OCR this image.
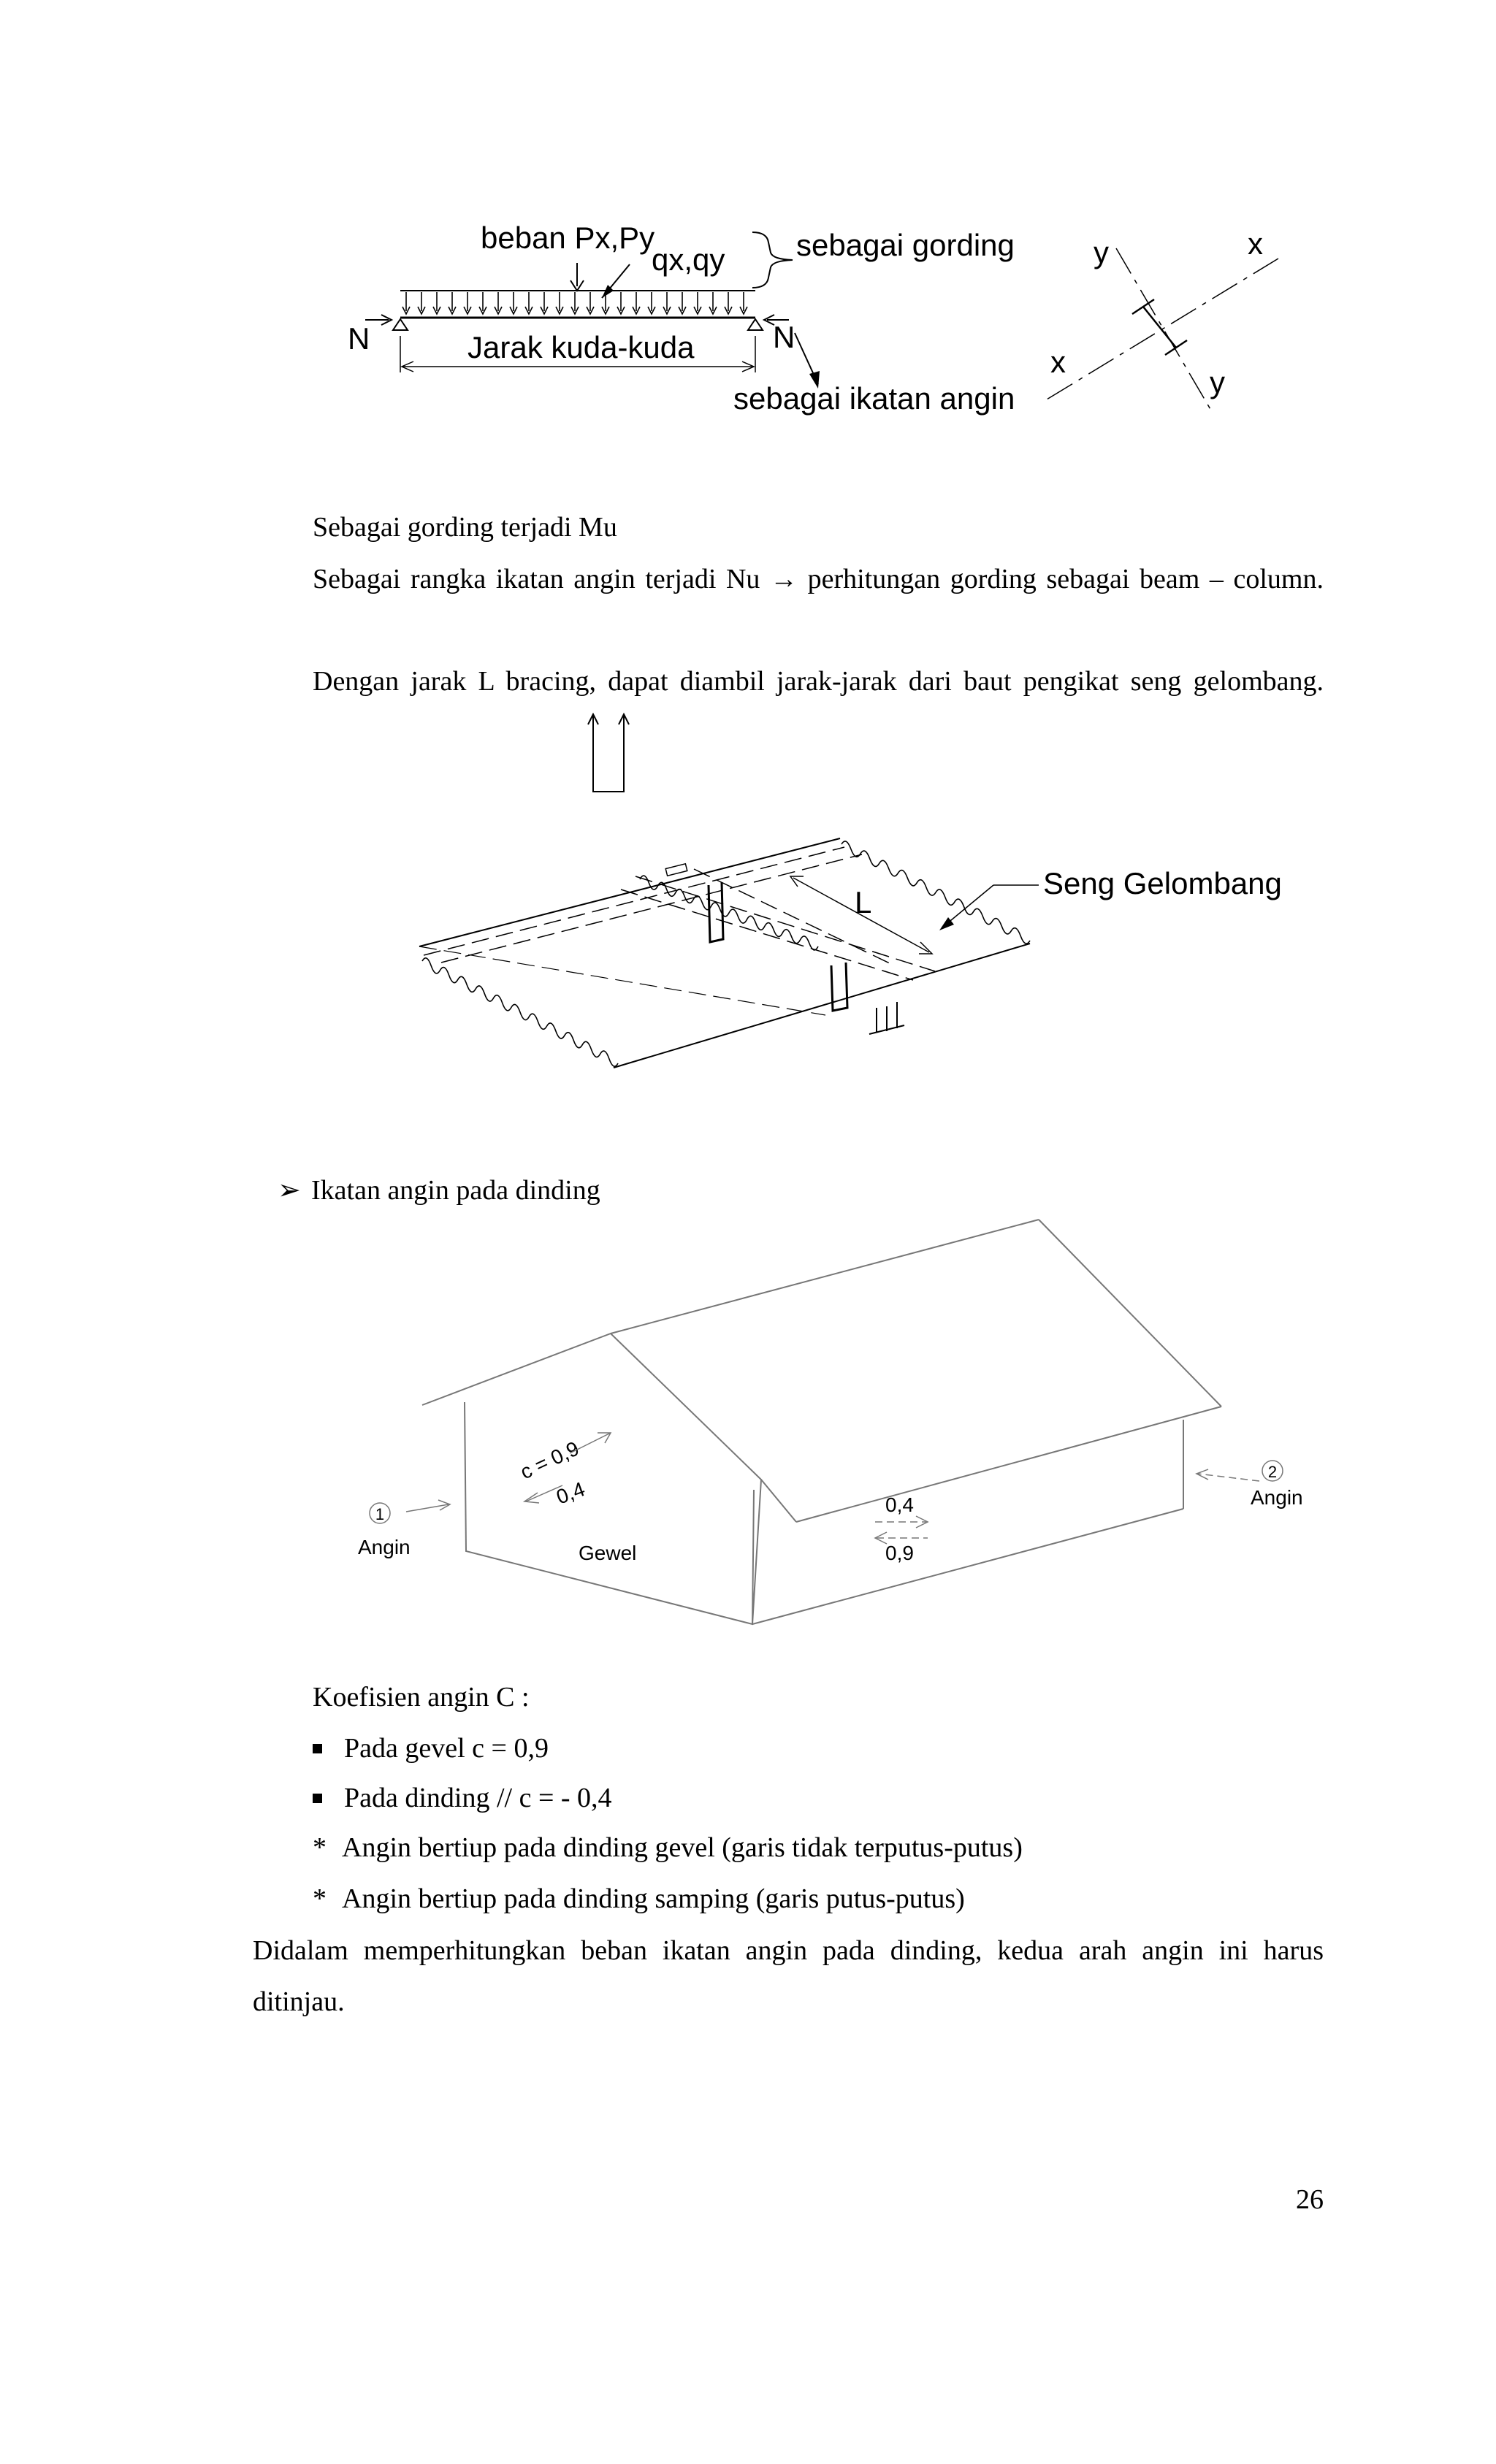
beban Px,Py
qx,qy sebagai gording
N	N
Jarak kuda-kuda
sebagai ikatan angin
y	x
x
y
Sebagai gording terjadi Mu
Sebagai rangka ikatan angin terjadi Nu → perhitungan gording sebagai beam – column.
Dengan jarak L bracing, dapat diambil jarak-jarak dari baut pengikat seng gelombang.
L
Seng Gelombang
➢ Ikatan angin pada dinding
c = 0,9
0,4
Gewel
0,4
0,9
1
Angin
2
Angin
Koefisien angin C :
Pada gevel c = 0,9
Pada dinding // c = - 0,4
* Angin bertiup pada dinding gevel (garis tidak terputus-putus)
* Angin bertiup pada dinding samping (garis putus-putus)
Didalam memperhitungkan beban ikatan angin pada dinding, kedua arah angin ini harus ditinjau.
26
